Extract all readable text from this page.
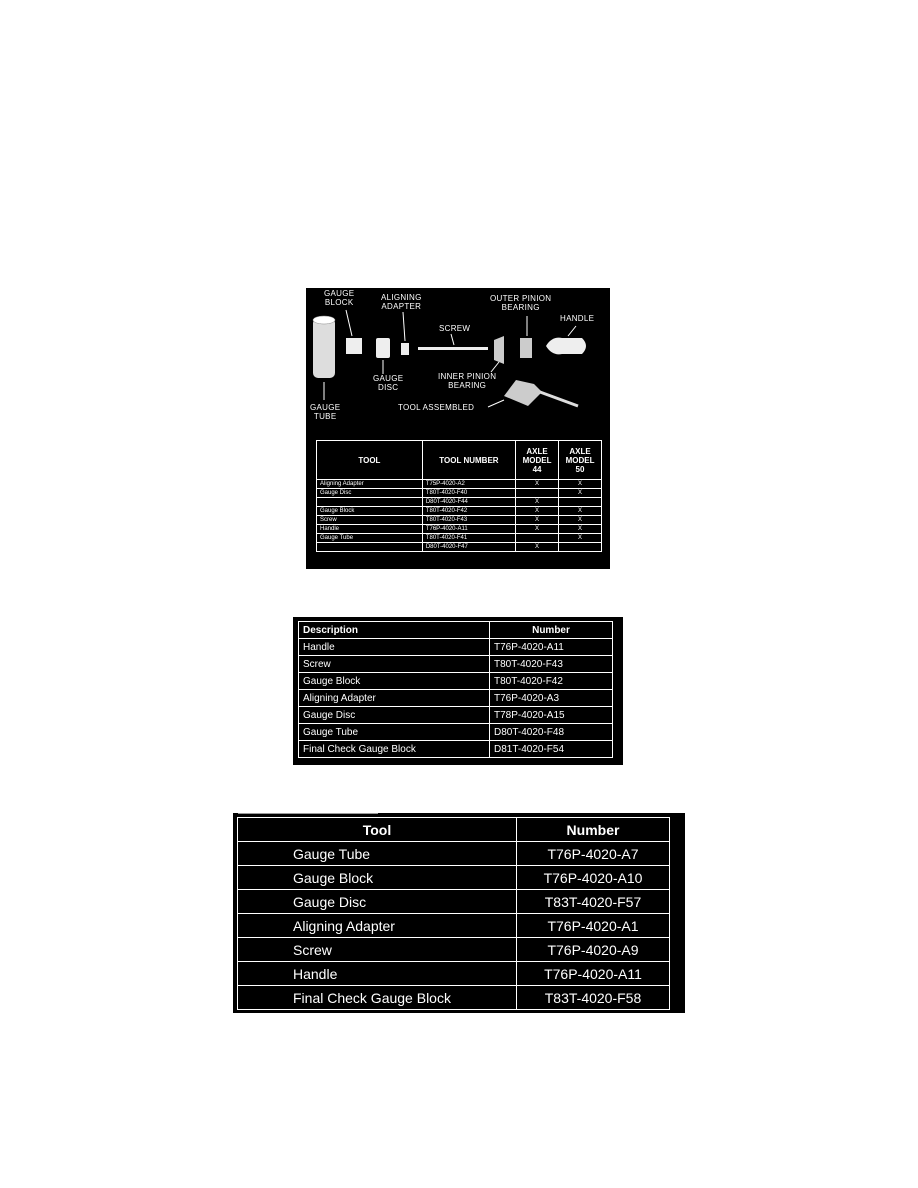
GAUGE
BLOCK
ALIGNING
ADAPTER
OUTER PINION
BEARING
HANDLE
SCREW
GAUGE
DISC
INNER PINION
BEARING
GAUGE
TUBE
TOOL ASSEMBLED
TOOL	TOOL NUMBER	AXLE MODEL 44	AXLE MODEL 50
Aligning Adapter	T75P-4020-A2	X	X
Gauge Disc	T80T-4020-F40		X
	D80T-4020-F44	X	
Gauge Block	T80T-4020-F42	X	X
Screw	T80T-4020-F43	X	X
Handle	T76P-4020-A11	X	X
Gauge Tube	T80T-4020-F41		X
	D80T-4020-F47	X	
Description	Number
Handle	T76P-4020-A11
Screw	T80T-4020-F43
Gauge Block	T80T-4020-F42
Aligning Adapter	T76P-4020-A3
Gauge Disc	T78P-4020-A15
Gauge Tube	D80T-4020-F48
Final Check Gauge Block	D81T-4020-F54
Tool	Number
Gauge Tube	T76P-4020-A7
Gauge Block	T76P-4020-A10
Gauge Disc	T83T-4020-F57
Aligning Adapter	T76P-4020-A1
Screw	T76P-4020-A9
Handle	T76P-4020-A11
Final Check Gauge Block	T83T-4020-F58
